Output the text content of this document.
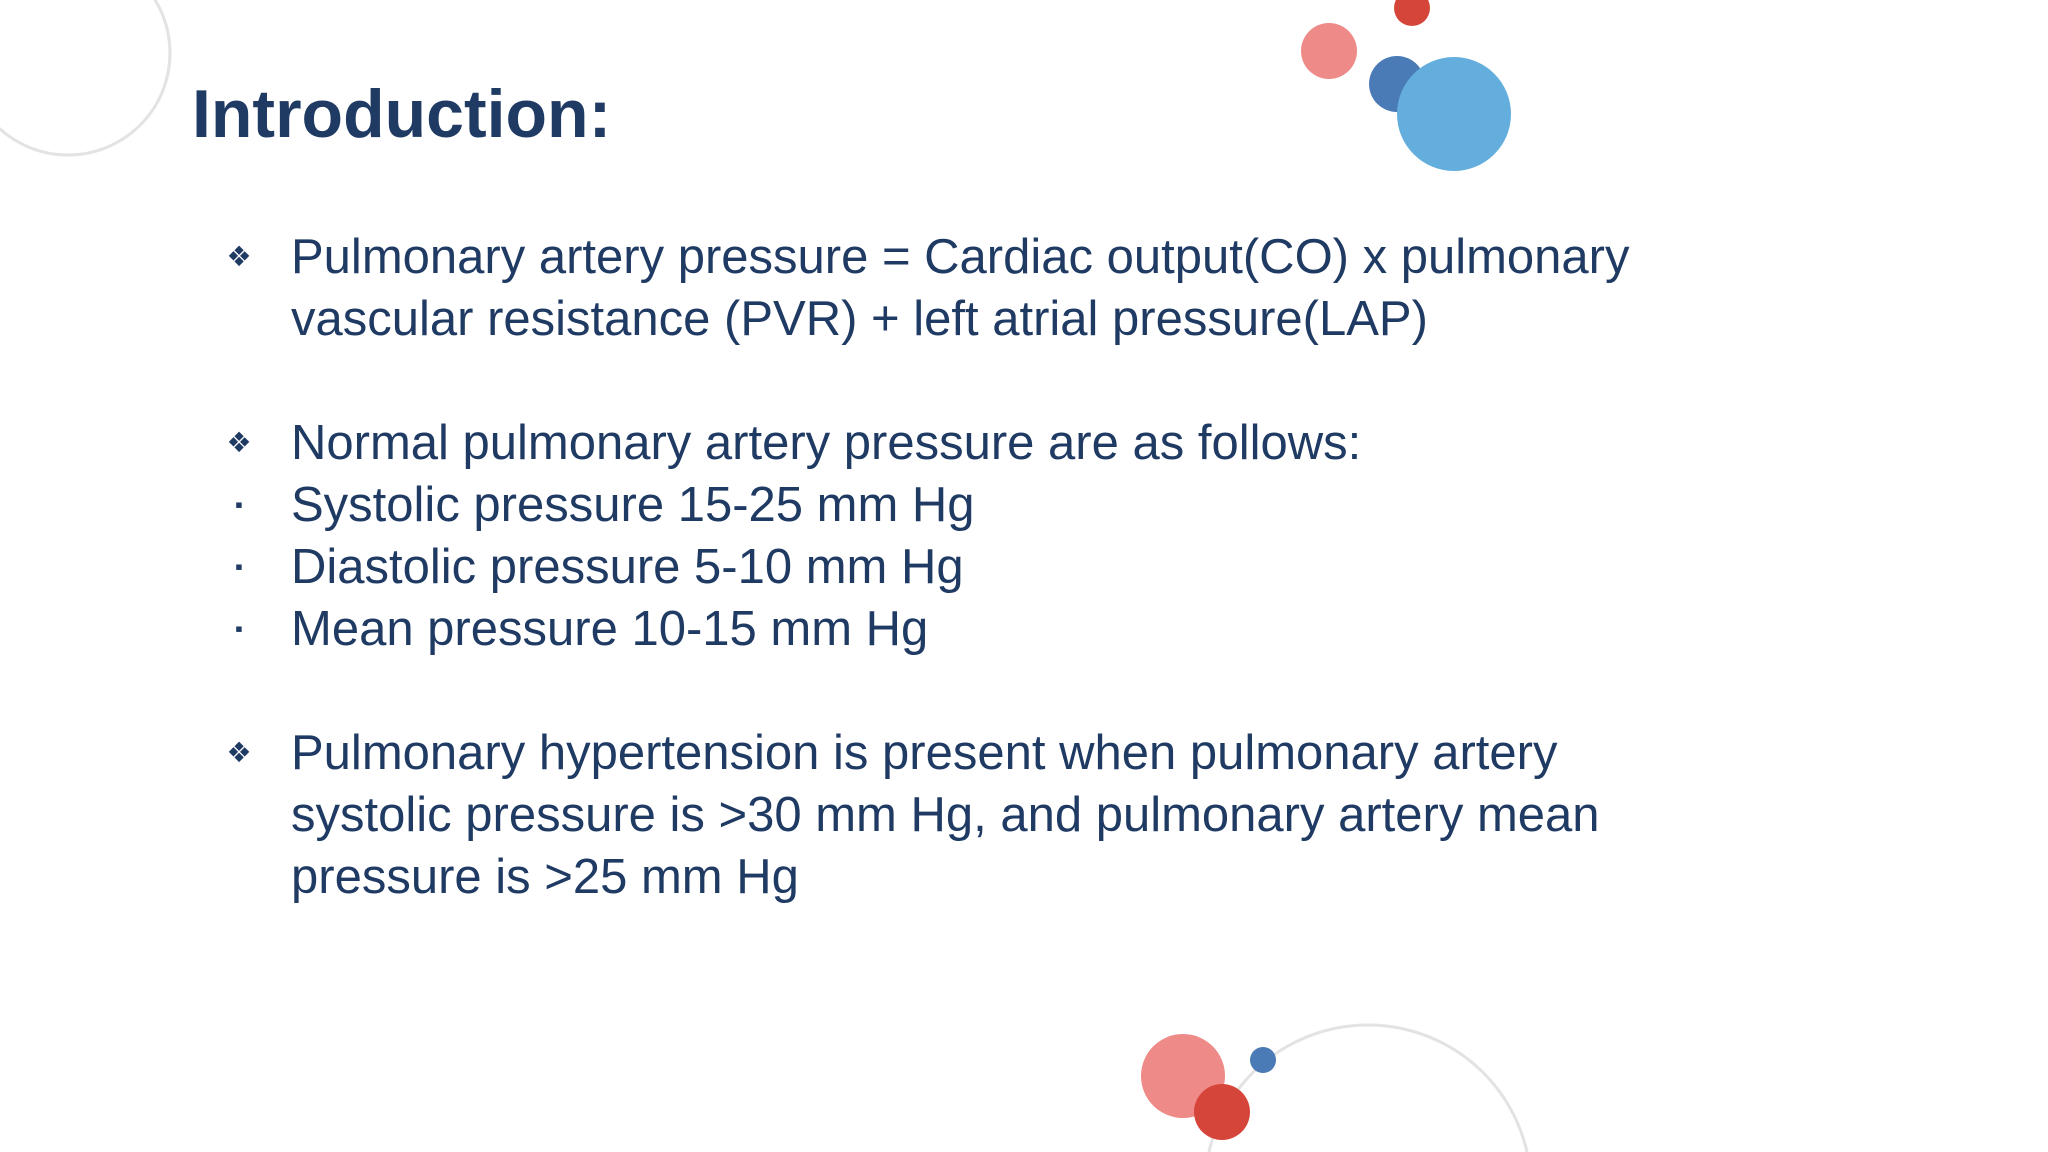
Introduction:
❖ Pulmonary artery pressure = Cardiac output(CO) x pulmonary vascular resistance (PVR) + left atrial pressure(LAP)
❖ Normal pulmonary artery pressure are as follows:
▪ Systolic pressure 15-25 mm Hg
▪ Diastolic pressure 5-10 mm Hg
▪ Mean pressure 10-15 mm Hg
❖ Pulmonary hypertension is present when pulmonary artery systolic pressure is >30 mm Hg, and pulmonary artery mean pressure is >25 mm Hg
